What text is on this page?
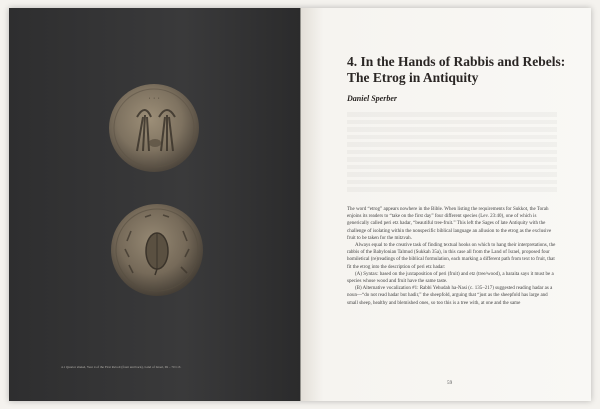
ᐧ ᐧ ᐧ
4.1 Quarter shekel, Year 4 of the First Revolt (front and back), Land of Israel, 69 – 70 C.E.
4. In the Hands of Rabbis and Rebels: The Etrog in Antiquity
Daniel Sperber

The word “etrog” appears nowhere in the Bible. When listing the requirements for Sukkot, the Torah enjoins its readers to “take on the first day” four different species (Lev. 23:40), one of which is generically called peri etz hadar, “beautiful tree-fruit.” This left the Sages of late Antiquity with the challenge of isolating within the nonspecific biblical language an allusion to the etrog as the exclusive fruit to be taken for the mitzvah.

Always equal to the creative task of finding textual hooks on which to hang their interpretations, the rabbis of the Babylonian Talmud (Sukkah 35a), in this case all from the Land of Israel, proposed four homiletical (re)readings of the biblical formulation, each marking a different path from text to fruit, that fit the etrog into the description of peri etz hadar:

(A) Syntax: based on the juxtaposition of peri (fruit) and etz (tree/wood), a baraita says it must be a species whose wood and fruit have the same taste.

(B) Alternative vocalization #1: Rabbi Yehudah ha-Nasi (c. 135–217) suggested reading hadar as a noun—“do not read hadar but hadir,” the sheepfold, arguing that “just as the sheepfold has large and small sheep, healthy and blemished ones, so too this is a tree with, at one and the same

59
